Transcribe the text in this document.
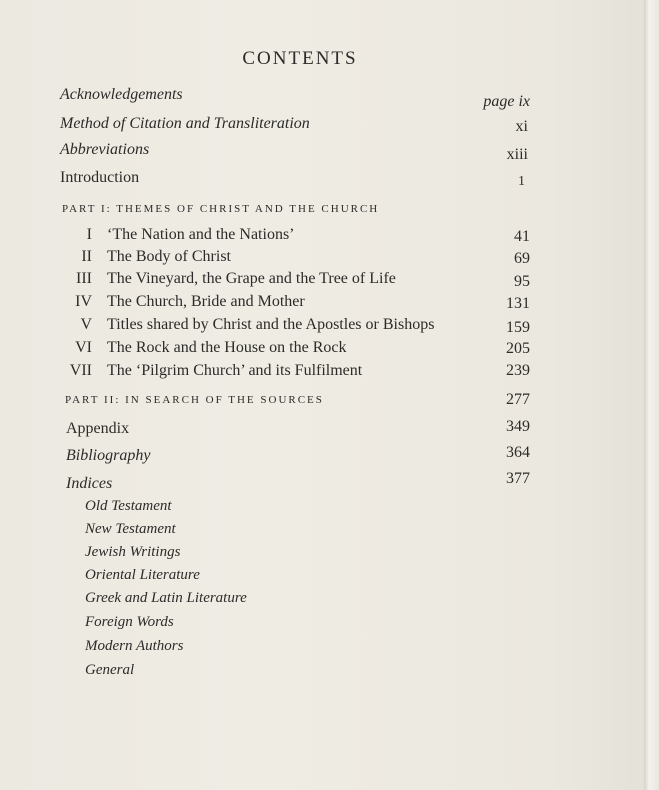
CONTENTS
Acknowledgements	page ix
Method of Citation and Transliteration	xi
Abbreviations	xiii
Introduction	1
PART I: THEMES OF CHRIST AND THE CHURCH
I ‘The Nation and the Nations’	41
II The Body of Christ	69
III The Vineyard, the Grape and the Tree of Life	95
IV The Church, Bride and Mother	131
V Titles shared by Christ and the Apostles or Bishops	159
VI The Rock and the House on the Rock	205
VII The ‘Pilgrim Church’ and its Fulfilment	239
PART II: IN SEARCH OF THE SOURCES	277
Appendix	349
Bibliography	364
Indices	377
Old Testament
New Testament
Jewish Writings
Oriental Literature
Greek and Latin Literature
Foreign Words
Modern Authors
General
